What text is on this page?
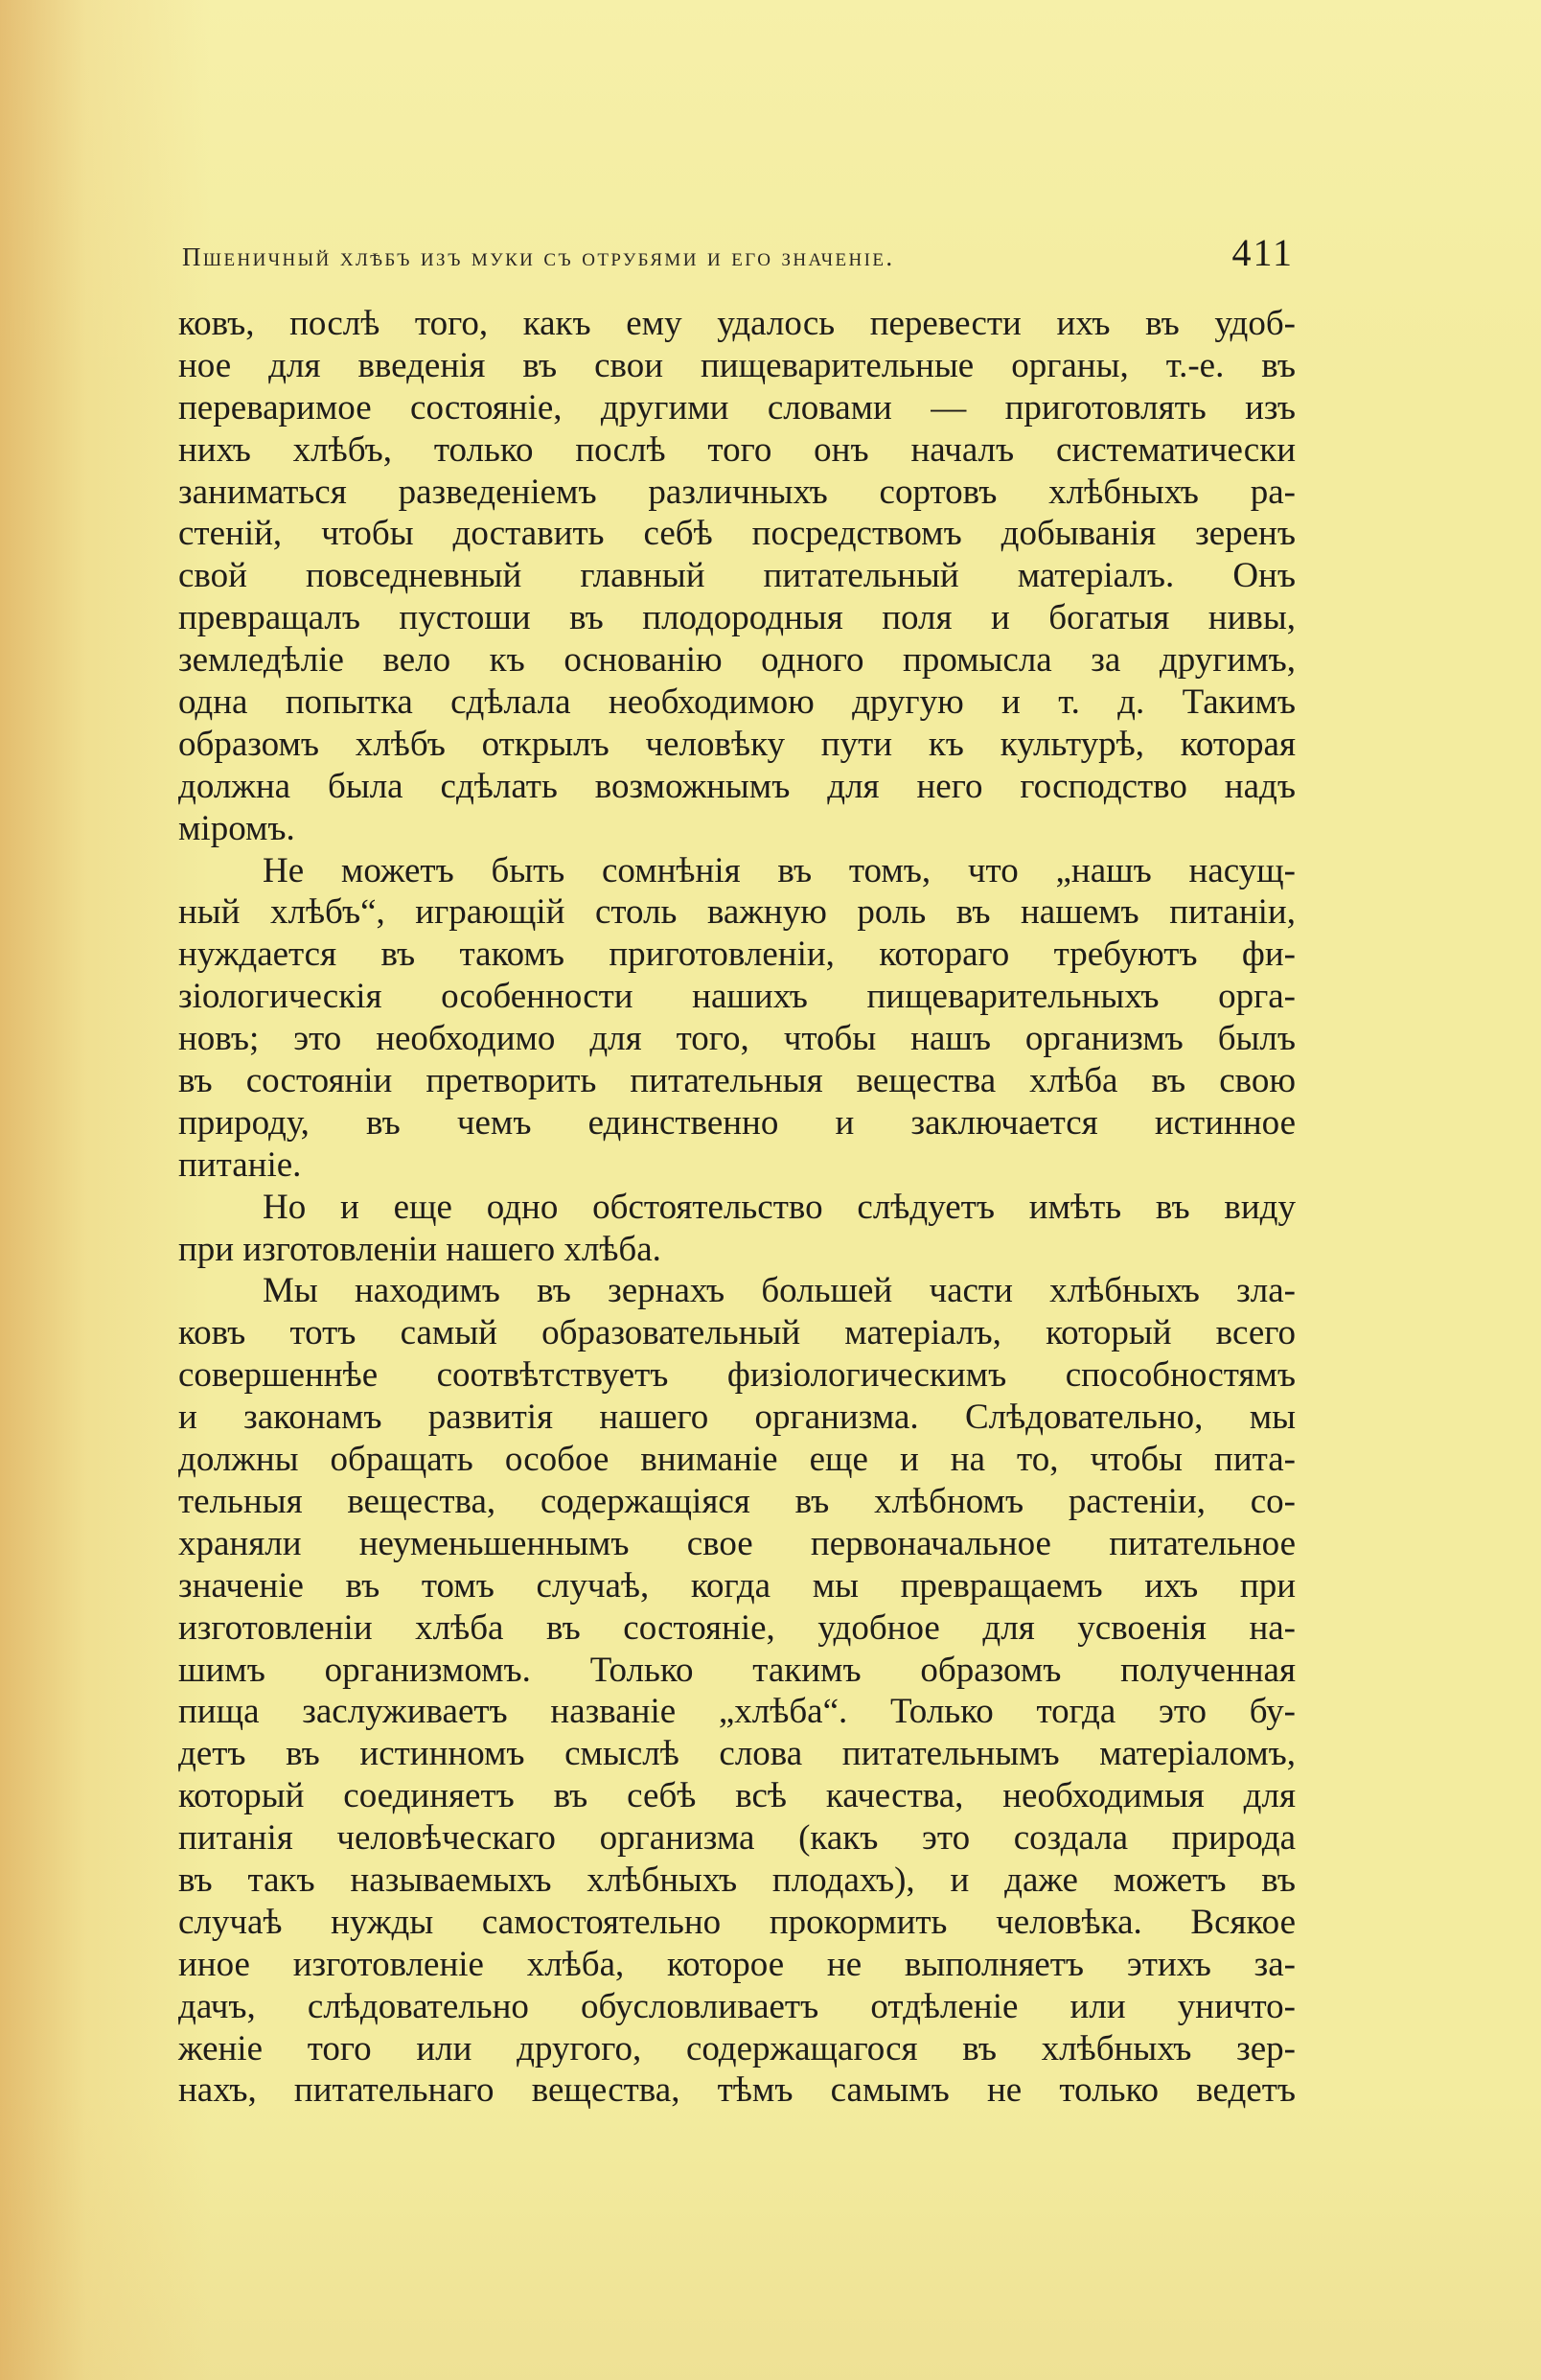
Пшеничный хлѣбъ изъ муки съ отрубями и его значеніе.	411
ковъ, послѣ того, какъ ему удалось перевести ихъ въ удоб-
ное для введенія въ свои пищеварительные органы, т.-е. въ
переваримое состояніе, другими словами — приготовлять изъ
нихъ хлѣбъ, только послѣ того онъ началъ систематически
заниматься разведеніемъ различныхъ сортовъ хлѣбныхъ ра-
стеній, чтобы доставить себѣ посредствомъ добыванія зеренъ
свой повседневный главный питательный матеріалъ. Онъ
превращалъ пустоши въ плодородныя поля и богатыя нивы,
земледѣліе вело къ основанію одного промысла за другимъ,
одна попытка сдѣлала необходимою другую и т. д. Такимъ
образомъ хлѣбъ открылъ человѣку пути къ культурѣ, которая
должна была сдѣлать возможнымъ для него господство надъ
міромъ.
Не можетъ быть сомнѣнія въ томъ, что „нашъ насущ-
ный хлѣбъ“, играющій столь важную роль въ нашемъ питаніи,
нуждается въ такомъ приготовленіи, котораго требуютъ фи-
зіологическія особенности нашихъ пищеварительныхъ орга-
новъ; это необходимо для того, чтобы нашъ организмъ былъ
въ состояніи претворить питательныя вещества хлѣба въ свою
природу, въ чемъ единственно и заключается истинное
питаніе.
Но и еще одно обстоятельство слѣдуетъ имѣть въ виду
при изготовленіи нашего хлѣба.
Мы находимъ въ зернахъ большей части хлѣбныхъ зла-
ковъ тотъ самый образовательный матеріалъ, который всего
совершеннѣе соотвѣтствуетъ физіологическимъ способностямъ
и законамъ развитія нашего организма. Слѣдовательно, мы
должны обращать особое вниманіе еще и на то, чтобы пита-
тельныя вещества, содержащіяся въ хлѣбномъ растеніи, со-
храняли неуменьшеннымъ свое первоначальное питательное
значеніе въ томъ случаѣ, когда мы превращаемъ ихъ при
изготовленіи хлѣба въ состояніе, удобное для усвоенія на-
шимъ организмомъ. Только такимъ образомъ полученная
пища заслуживаетъ названіе „хлѣба“. Только тогда это бу-
детъ въ истинномъ смыслѣ слова питательнымъ матеріаломъ,
который соединяетъ въ себѣ всѣ качества, необходимыя для
питанія человѣческаго организма (какъ это создала природа
въ такъ называемыхъ хлѣбныхъ плодахъ), и даже можетъ въ
случаѣ нужды самостоятельно прокормить человѣка. Всякое
иное изготовленіе хлѣба, которое не выполняетъ этихъ за-
дачъ, слѣдовательно обусловливаетъ отдѣленіе или уничто-
женіе того или другого, содержащагося въ хлѣбныхъ зер-
нахъ, питательнаго вещества, тѣмъ самымъ не только ведетъ
